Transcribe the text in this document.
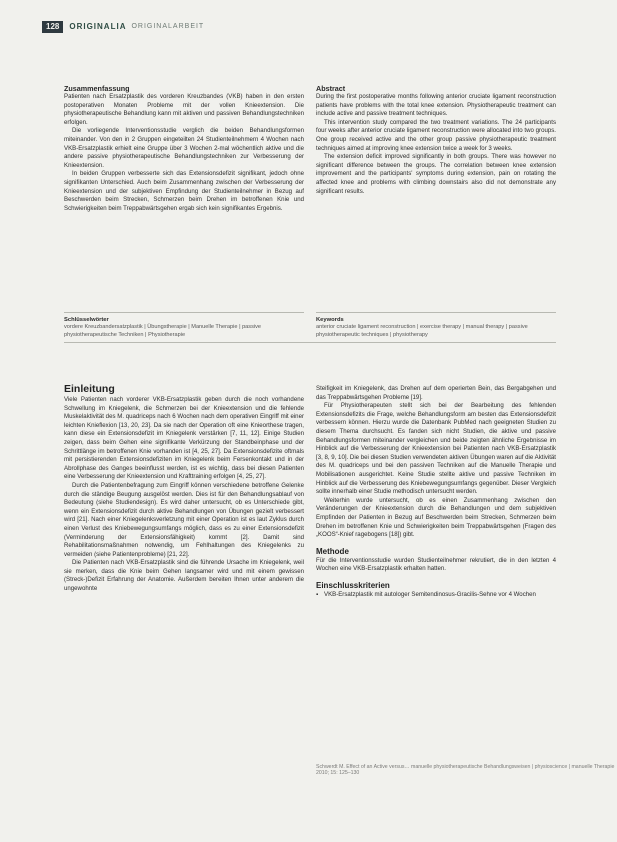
128	ORIGINALIA ORIGINALARBEIT
Zusammenfassung

Patienten nach Ersatzplastik des vorderen Kreuzbandes (VKB) haben in den ersten postoperativen Monaten Probleme mit der vollen Knieextension. Die physiotherapeutische Behandlung kann mit aktiven und passiven Behandlungstechniken erfolgen.

Die vorliegende Interventionsstudie verglich die beiden Behandlungsformen miteinander. Von den in 2 Gruppen eingeteilten 24 Studienteilnehmern 4 Wochen nach VKB-Ersatzplastik erhielt eine Gruppe über 3 Wochen 2-mal wöchentlich aktive und die andere passive physiotherapeutische Behandlungstechniken zur Verbesserung der Knieextension.

In beiden Gruppen verbesserte sich das Extensionsdefizit signifikant, jedoch ohne signifikanten Unterschied. Auch beim Zusammenhang zwischen der Verbesserung der Knieextension und der subjektiven Empfindung der Studienteilnehmer in Bezug auf Beschwerden beim Strecken, Schmerzen beim Drehen im betroffenen Knie und Schwierigkeiten beim Treppabwärtsgehen ergab sich kein signifikantes Ergebnis.

Abstract

During the first postoperative months following anterior cruciate ligament reconstruction patients have problems with the total knee extension. Physiotherapeutic treatment can include active and passive treatment techniques.

This intervention study compared the two treatment variations. The 24 participants four weeks after anterior cruciate ligament reconstruction were allocated into two groups. One group received active and the other group passive physiotherapeutic treatment techniques aimed at improving knee extension twice a week for 3 weeks.

The extension deficit improved significantly in both groups. There was however no significant difference between the groups. The correlation between knee extension improvement and the participants' symptoms during extension, pain on rotating the affected knee and problems with climbing downstairs also did not demonstrate any significant results.

Schlüsselwörter
vordere Kreuzbandersatzplastik | Übungstherapie | Manuelle Therapie | passive physiotherapeutische Techniken | Physiotherapie
Keywords
anterior cruciate ligament reconstruction | exercise therapy | manual therapy | passive physiotherapeutic techniques | physiotherapy
Einleitung

Viele Patienten nach vorderer VKB-Ersatzplastik geben durch die noch vorhandene Schwellung im Kniegelenk, die Schmerzen bei der Knieextension und die fehlende Muskelaktivität des M. quadriceps nach 6 Wochen nach dem operativen Eingriff mit einer leichten Knieflexion [13, 20, 23]. Da sie nach der Operation oft eine Knieorthese tragen, kann diese ein Extensionsdefizit im Kniegelenk verstärken [7, 11, 12]. Einige Studien zeigen, dass beim Gehen eine signifikante Verkürzung der Standbeinphase und der Schrittlänge im betroffenen Knie vorhanden ist [4, 25, 27]. Da Extensionsdefizite oftmals mit persistierenden Extensionsdefiziten im Kniegelenk beim Fersenkontakt und in der Abrollphase des Ganges beeinflusst werden, ist es wichtig, dass bei diesen Patienten eine Verbesserung der Knieextension und Krafttraining erfolgen [4, 25, 27].

Durch die Patientenbefragung zum Eingriff können verschiedene betroffene Gelenke durch die ständige Beugung ausgelöst werden. Dies ist für den Behandlungsablauf von Bedeutung (siehe Studiendesign). Es wird daher untersucht, ob es Unterschiede gibt, wenn ein Extensionsdefizit durch aktive Behandlungen von Übungen gezielt verbessert wird [21]. Nach einer Kniegelenksverletzung mit einer Operation ist es laut Zyklus durch einen Verlust des Kniebewegungsumfangs möglich, dass es zu einer Extensionsdefizit (Verminderung der Extensionsfähigkeit) kommt [2]. Damit sind Rehabilitationsmaßnahmen notwendig, um Fehlhaltungen des Kniegelenks zu vermeiden (siehe Patientenprobleme) [21, 22].

Die Patienten nach VKB-Ersatzplastik sind die führende Ursache im Kniegelenk, weil sie merken, dass die Knie beim Gehen langsamer wird und mit einem gewissen (Streck-)Defizit Erfahrung der Anatomie. Außerdem bereiten Ihnen unter anderem die ungewohnte

Steifigkeit im Kniegelenk, das Drehen auf dem operierten Bein, das Bergabgehen und das Treppabwärtsgehen Probleme [19].

Für Physiotherapeuten stellt sich bei der Bearbeitung des fehlenden Extensionsdefizits die Frage, welche Behandlungsform am besten das Extensionsdefizit verbessern können. Hierzu wurde die Datenbank PubMed nach geeigneten Studien zu diesem Thema durchsucht. Es fanden sich nicht Studien, die aktive und passive Behandlungsformen miteinander vergleichen und beide zeigten ähnliche Ergebnisse im Hinblick auf die Verbesserung der Knieextension bei Patienten nach VKB-Ersatzplastik [3, 8, 9, 10]. Die bei diesen Studien verwendeten aktiven Übungen waren auf die Aktivität des M. quadriceps und bei den passiven Techniken auf die Manuelle Therapie und Mobilisationen ausgerichtet. Keine Studie stellte aktive und passive Techniken im Hinblick auf die Verbesserung des Kniebewegungsumfangs gegenüber. Dieser Vergleich sollte innerhalb einer Studie methodisch untersucht werden.

Weiterhin wurde untersucht, ob es einen Zusammenhang zwischen den Veränderungen der Knieextension durch die Behandlungen und dem subjektiven Empfinden der Patienten in Bezug auf Beschwerden beim Strecken, Schmerzen beim Drehen im betroffenen Knie und Schwierigkeiten beim Treppabwärtsgehen (Fragen des „KOOS“-Knief ragebogens [18]) gibt.

Methode

Für die Interventionsstudie wurden Studienteilnehmer rekrutiert, die in den letzten 4 Wochen eine VKB-Ersatzplastik erhalten hatten.

Einschlusskriterien
▪ VKB-Ersatzplastik mit autologer Semitendinosus-Gracilis-Sehne vor 4 Wochen
Schwerdt M. Effect of an Active versus… manuelle physiotherapeutische Behandlungsweisen | physioscience | manuelle Therapie 2010; 15: 125–130
